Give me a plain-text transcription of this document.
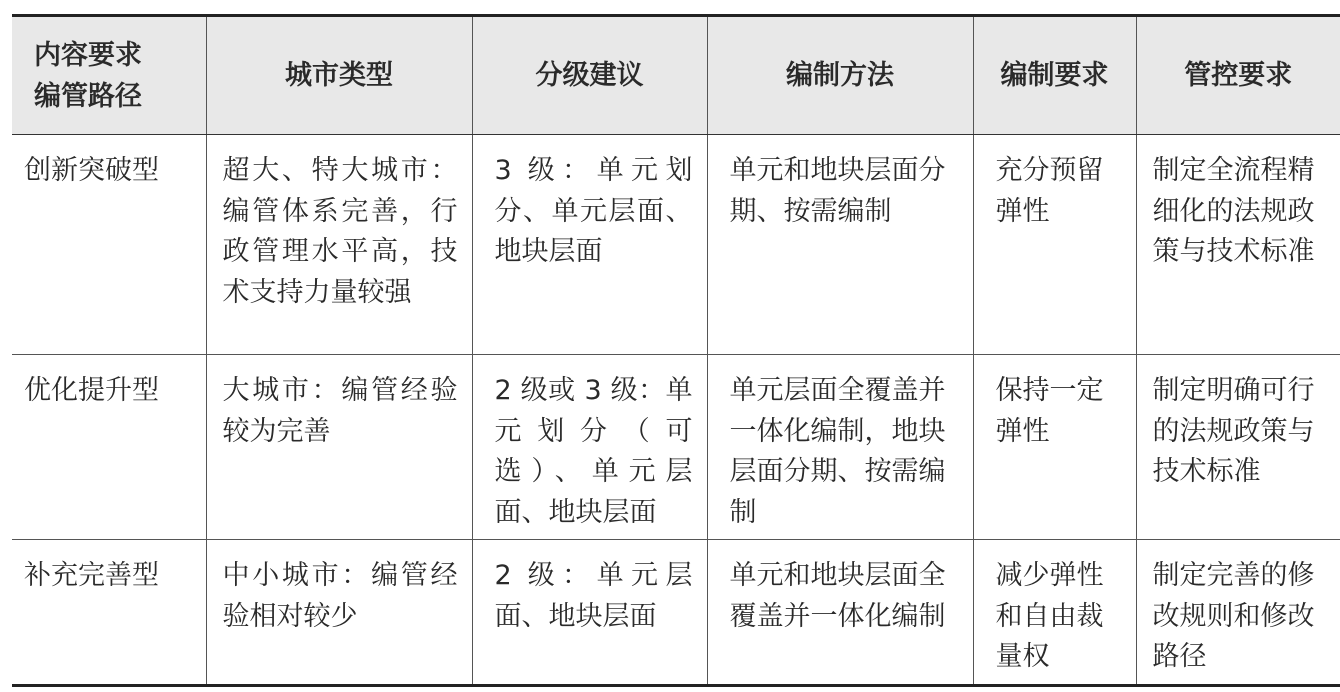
内容要求
编管路径	城市类型	分级建议	编制方法	编制要求	管控要求
创新突破型	超大、特大城市：编管体系完善，行政管理水平高，技术支持力量较强	3 级：单元划分、单元层面、地块层面	单元和地块层面分期、按需编制	充分预留弹性	制定全流程精细化的法规政策与技术标准
优化提升型	大城市：编管经验较为完善	2 级或 3 级：单元划分（可选）、单元层面、地块层面	单元层面全覆盖并一体化编制，地块层面分期、按需编制	保持一定弹性	制定明确可行的法规政策与技术标准
补充完善型	中小城市：编管经验相对较少	2 级：单元层面、地块层面	单元和地块层面全覆盖并一体化编制	减少弹性和自由裁量权	制定完善的修改规则和修改路径
